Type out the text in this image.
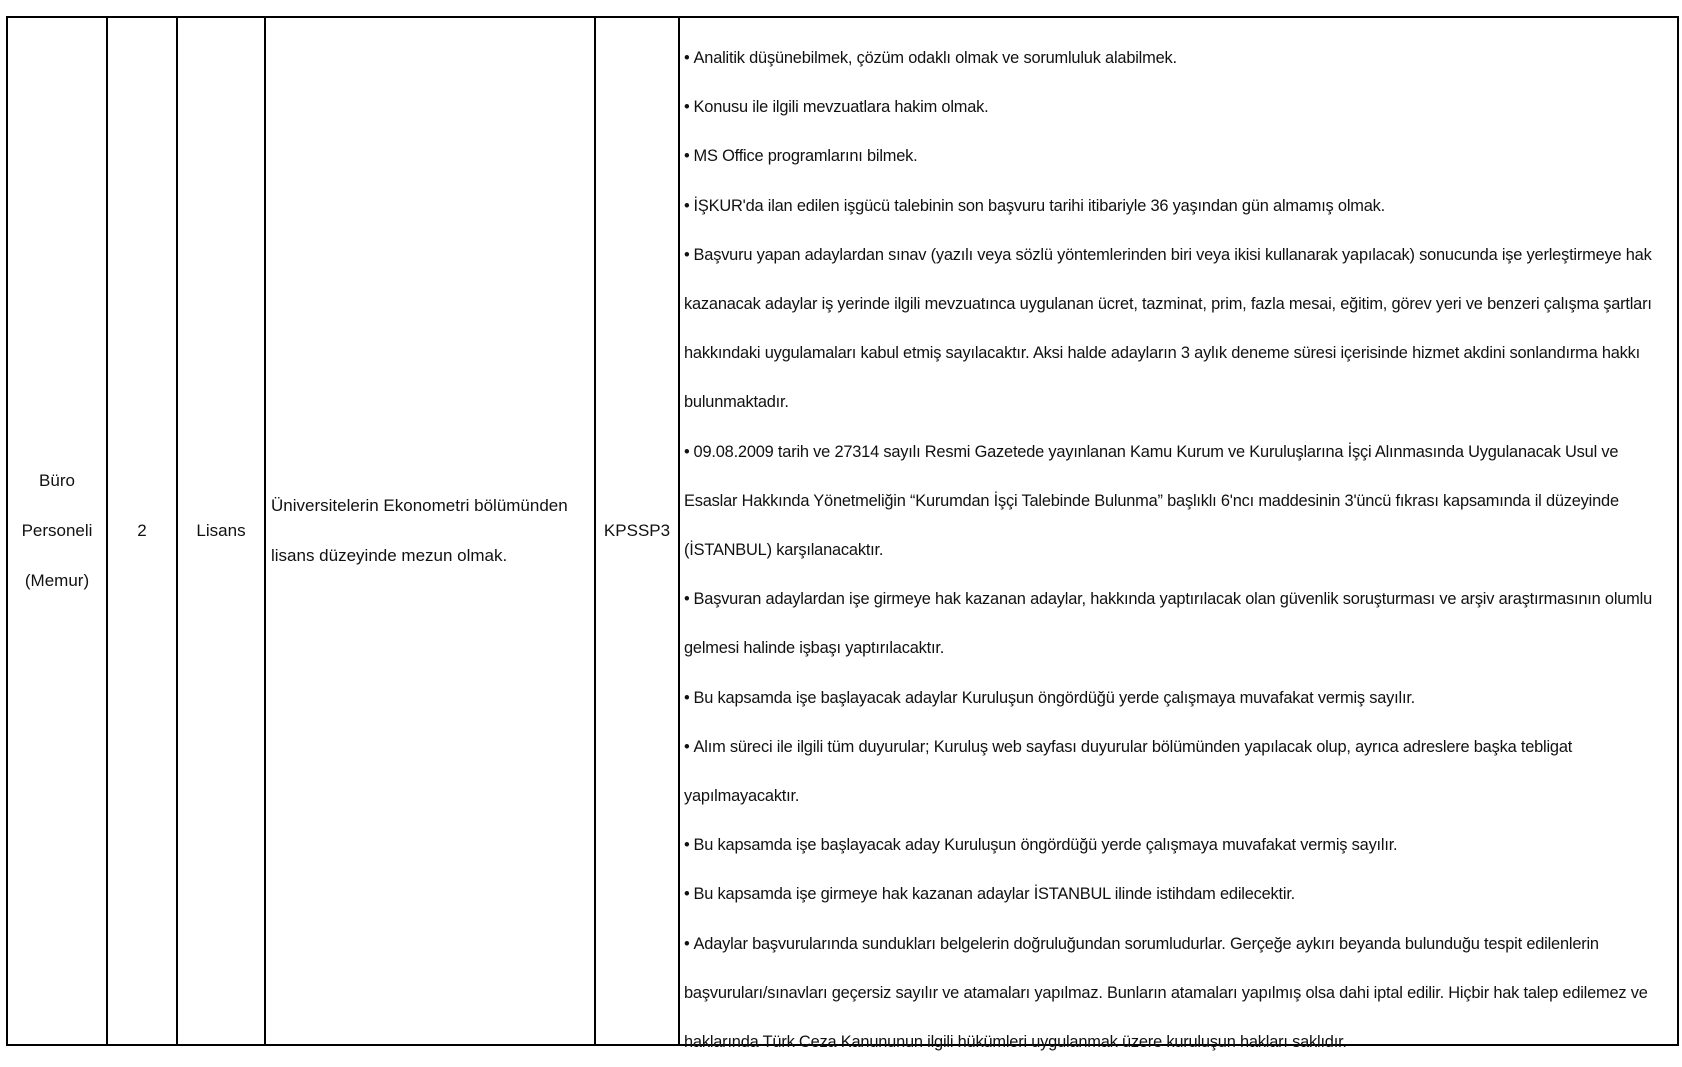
Büro
Personeli
(Memur)
2	Lisans
Üniversitelerin Ekonometri bölümünden
lisans düzeyinde mezun olmak.
KPSSP3
• Analitik düşünebilmek, çözüm odaklı olmak ve sorumluluk alabilmek.
• Konusu ile ilgili mevzuatlara hakim olmak.
• MS Office programlarını bilmek.
• İŞKUR'da ilan edilen işgücü talebinin son başvuru tarihi itibariyle 36 yaşından gün almamış olmak.
• Başvuru yapan adaylardan sınav (yazılı veya sözlü yöntemlerinden biri veya ikisi kullanarak yapılacak) sonucunda işe yerleştirmeye hak kazanacak adaylar iş yerinde ilgili mevzuatınca uygulanan ücret, tazminat, prim, fazla mesai, eğitim, görev yeri ve benzeri çalışma şartları hakkındaki uygulamaları kabul etmiş sayılacaktır. Aksi halde adayların 3 aylık deneme süresi içerisinde hizmet akdini sonlandırma hakkı bulunmaktadır.
• 09.08.2009 tarih ve 27314 sayılı Resmi Gazetede yayınlanan Kamu Kurum ve Kuruluşlarına İşçi Alınmasında Uygulanacak Usul ve Esaslar Hakkında Yönetmeliğin “Kurumdan İşçi Talebinde Bulunma” başlıklı 6'ncı maddesinin 3'üncü fıkrası kapsamında il düzeyinde (İSTANBUL) karşılanacaktır.
• Başvuran adaylardan işe girmeye hak kazanan adaylar, hakkında yaptırılacak olan güvenlik soruşturması ve arşiv araştırmasının olumlu gelmesi halinde işbaşı yaptırılacaktır.
• Bu kapsamda işe başlayacak adaylar Kuruluşun öngördüğü yerde çalışmaya muvafakat vermiş sayılır.
• Alım süreci ile ilgili tüm duyurular; Kuruluş web sayfası duyurular bölümünden yapılacak olup, ayrıca adreslere başka tebligat yapılmayacaktır.
• Bu kapsamda işe başlayacak aday Kuruluşun öngördüğü yerde çalışmaya muvafakat vermiş sayılır.
• Bu kapsamda işe girmeye hak kazanan adaylar İSTANBUL ilinde istihdam edilecektir.
• Adaylar başvurularında sundukları belgelerin doğruluğundan sorumludurlar. Gerçeğe aykırı beyanda bulunduğu tespit edilenlerin başvuruları/sınavları geçersiz sayılır ve atamaları yapılmaz. Bunların atamaları yapılmış olsa dahi iptal edilir. Hiçbir hak talep edilemez ve haklarında Türk Ceza Kanununun ilgili hükümleri uygulanmak üzere kuruluşun hakları saklıdır.
